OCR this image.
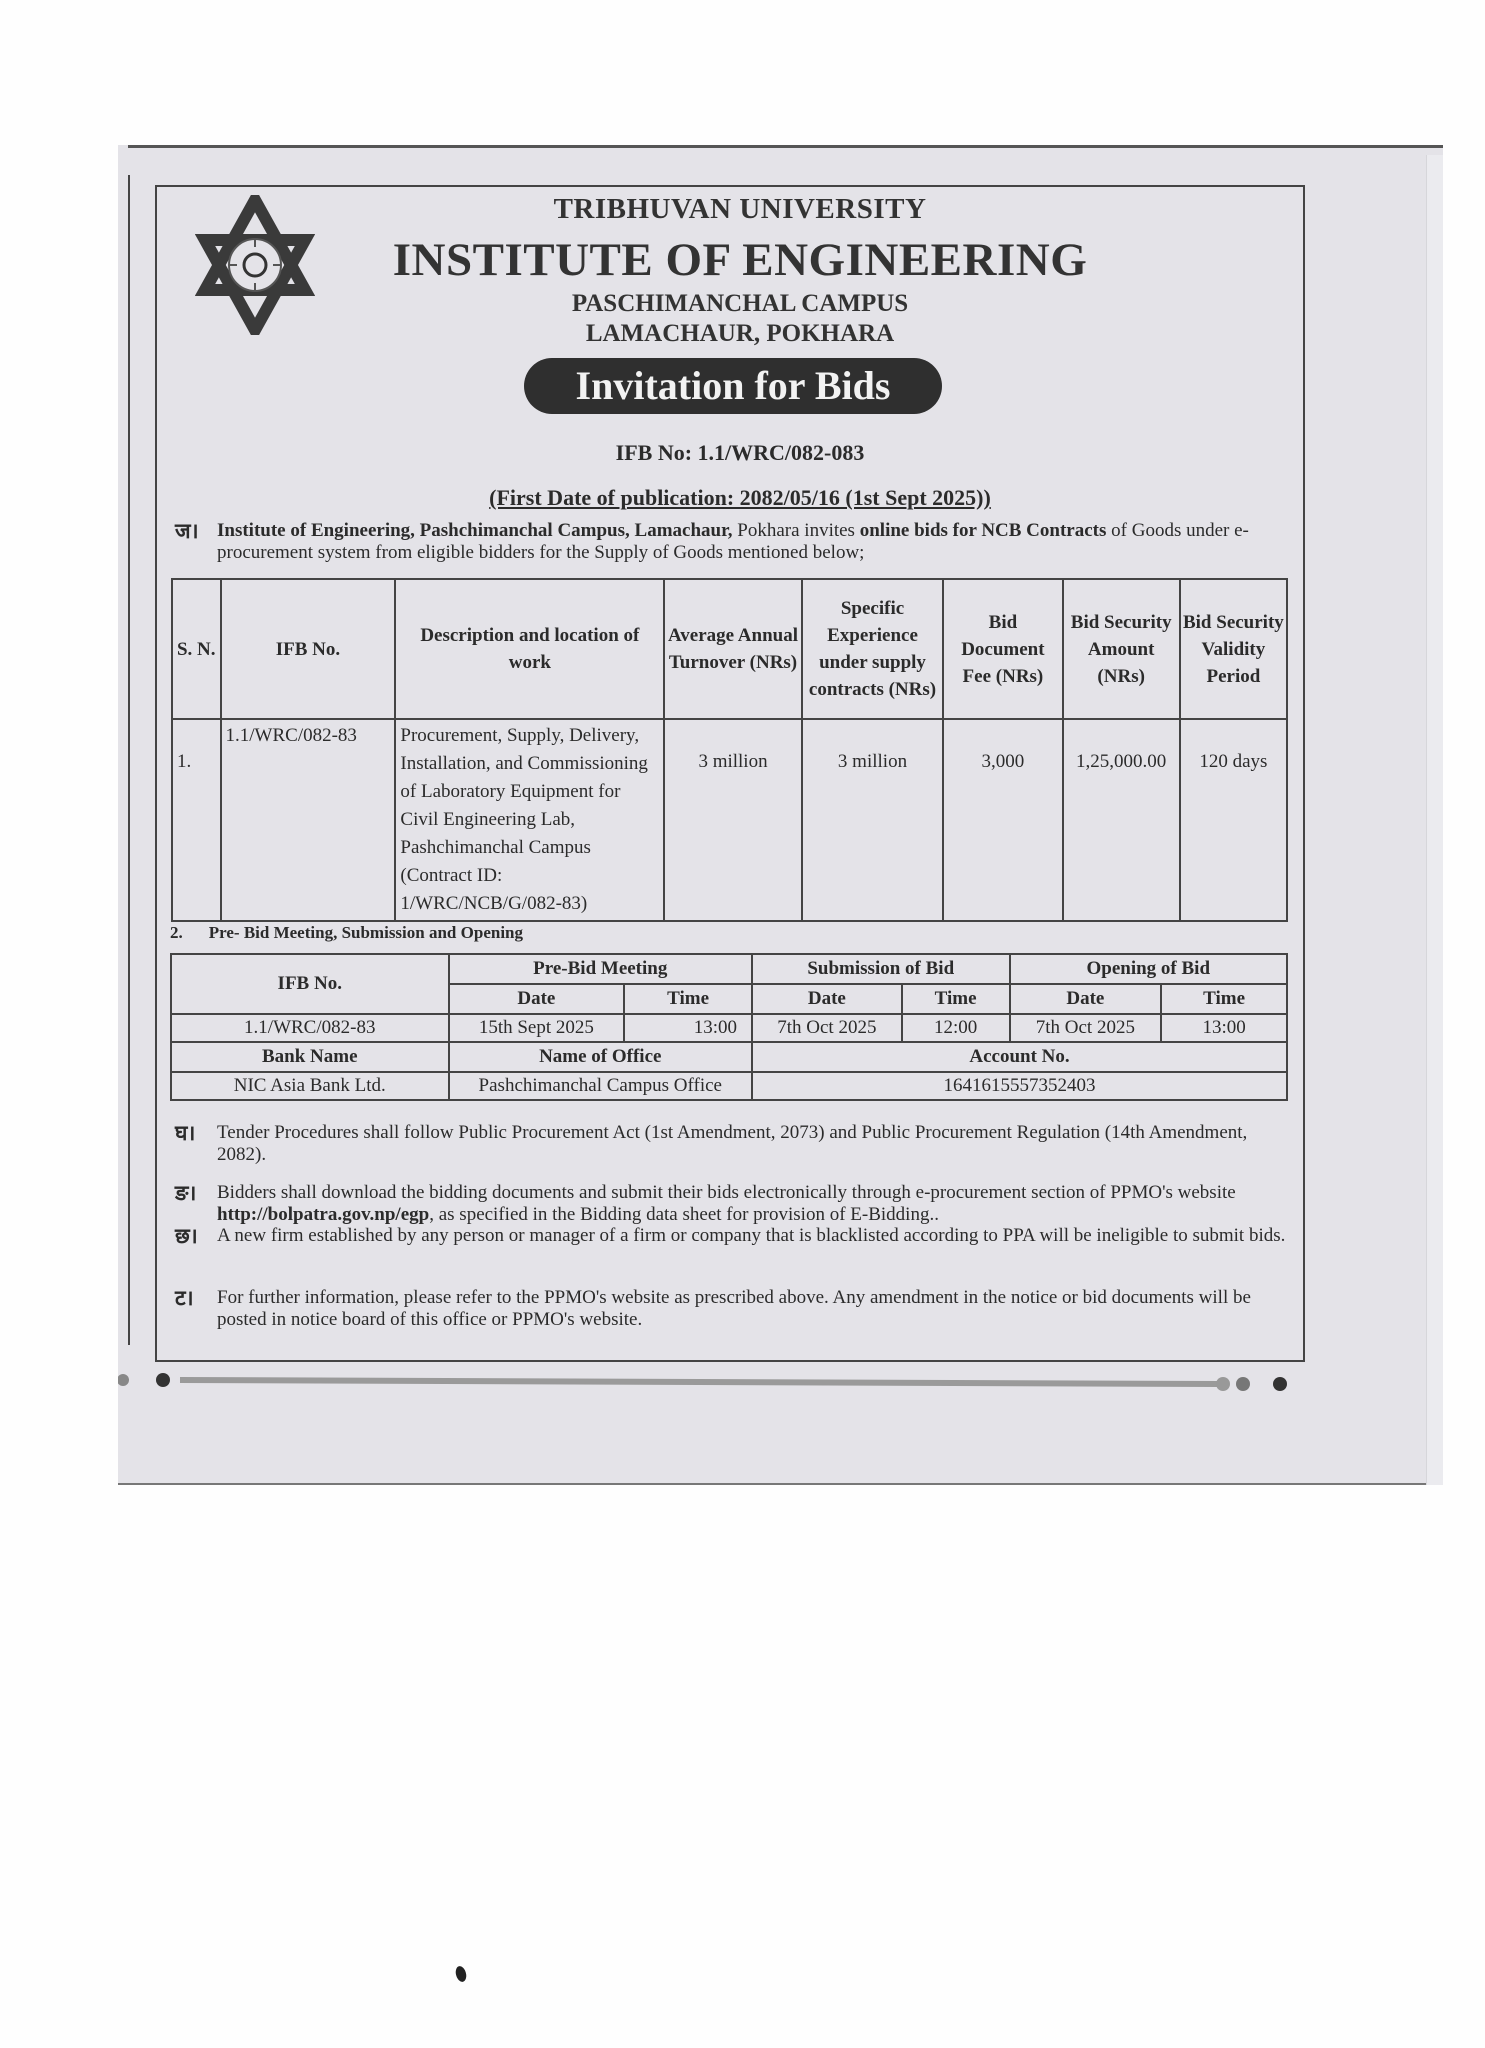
TRIBHUVAN UNIVERSITY
INSTITUTE OF ENGINEERING
PASCHIMANCHAL CAMPUS
LAMACHAUR, POKHARA
Invitation for Bids
IFB No: 1.1/WRC/082-083
(First Date of publication: 2082/05/16 (1st Sept 2025))
ज। Institute of Engineering, Pashchimanchal Campus, Lamachaur, Pokhara invites online bids for NCB Contracts of Goods under e-procurement system from eligible bidders for the Supply of Goods mentioned below;
S. N.	IFB No.	Description and location of work	Average Annual Turnover (NRs)	Specific Experience under supply contracts (NRs)	Bid Document Fee (NRs)	Bid Security Amount (NRs)	Bid Security Validity Period
1.	1.1/WRC/082-83	Procurement, Supply, Delivery, Installation, and Commissioning of Laboratory Equipment for Civil Engineering Lab, Pashchimanchal Campus (Contract ID: 1/WRC/NCB/G/082-83)	3 million	3 million	3,000	1,25,000.00	120 days
2. Pre- Bid Meeting, Submission and Opening
IFB No.	Pre-Bid Meeting		Submission of Bid		Opening of Bid	
	Date	Time	Date	Time	Date	Time
1.1/WRC/082-83	15th Sept 2025	13:00	7th Oct 2025	12:00	7th Oct 2025	13:00
Bank Name	Name of Office		Account No.			
NIC Asia Bank Ltd.	Pashchimanchal Campus Office		1641615557352403			
घ। Tender Procedures shall follow Public Procurement Act (1st Amendment, 2073) and Public Procurement Regulation (14th Amendment, 2082).
ङ। Bidders shall download the bidding documents and submit their bids electronically through e-procurement section of PPMO's website http://bolpatra.gov.np/egp, as specified in the Bidding data sheet for provision of E-Bidding..
छ। A new firm established by any person or manager of a firm or company that is blacklisted according to PPA will be ineligible to submit bids.
ट। For further information, please refer to the PPMO's website as prescribed above. Any amendment in the notice or bid documents will be posted in notice board of this office or PPMO's website.
